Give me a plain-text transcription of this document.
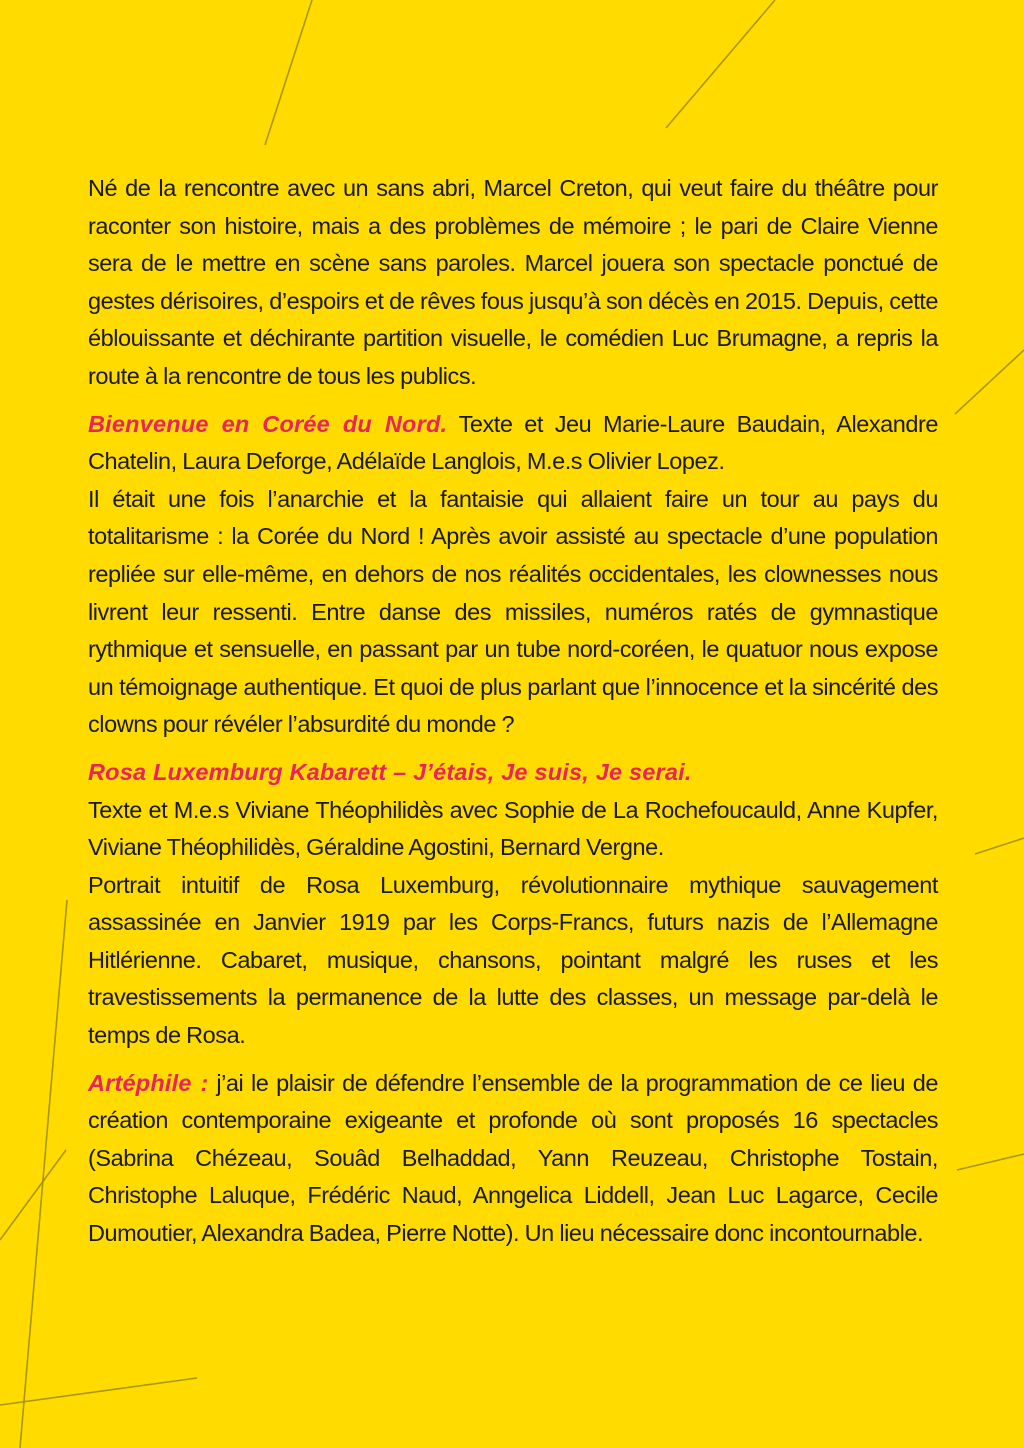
Né de la rencontre avec un sans abri, Marcel Creton, qui veut faire du théâtre pour raconter son histoire, mais a des problèmes de mémoire ; le pari de Claire Vienne sera de le mettre en scène sans paroles. Marcel jouera son spectacle ponctué de gestes dérisoires, d’espoirs et de rêves fous jusqu’à son décès en 2015. Depuis, cette éblouissante et déchirante partition visuelle, le comédien Luc Brumagne, a repris la route à la rencontre de tous les publics.

Bienvenue en Corée du Nord. Texte et Jeu Marie-Laure Baudain, Alexandre Chatelin, Laura Deforge, Adélaïde Langlois, M.e.s Olivier Lopez.

Il était une fois l’anarchie et la fantaisie qui allaient faire un tour au pays du totalitarisme : la Corée du Nord ! Après avoir assisté au spectacle d’une population repliée sur elle-même, en dehors de nos réalités occidentales, les clownesses nous livrent leur ressenti. Entre danse des missiles, numéros ratés de gymnastique rythmique et sensuelle, en passant par un tube nord-coréen, le quatuor nous expose un témoignage authentique. Et quoi de plus parlant que l’innocence et la sincérité des clowns pour révéler l’absurdité du monde ?

Rosa Luxemburg Kabarett – J’étais, Je suis, Je serai.

Texte et M.e.s Viviane Théophilidès avec Sophie de La Rochefoucauld, Anne Kupfer, Viviane Théophilidès, Géraldine Agostini, Bernard Vergne.

Portrait intuitif de Rosa Luxemburg, révolutionnaire mythique sauvagement assassinée en Janvier 1919 par les Corps-Francs, futurs nazis de l’Allemagne Hitlérienne. Cabaret, musique, chansons, pointant malgré les ruses et les travestissements la permanence de la lutte des classes, un message par-delà le temps de Rosa.

Artéphile : j’ai le plaisir de défendre l’ensemble de la programmation de ce lieu de création contemporaine exigeante et profonde où sont proposés 16 spectacles (Sabrina Chézeau, Souâd Belhaddad, Yann Reuzeau, Christophe Tostain, Christophe Laluque, Frédéric Naud, Anngelica Liddell, Jean Luc Lagarce, Cecile Dumoutier, Alexandra Badea, Pierre Notte). Un lieu nécessaire donc incontournable.
